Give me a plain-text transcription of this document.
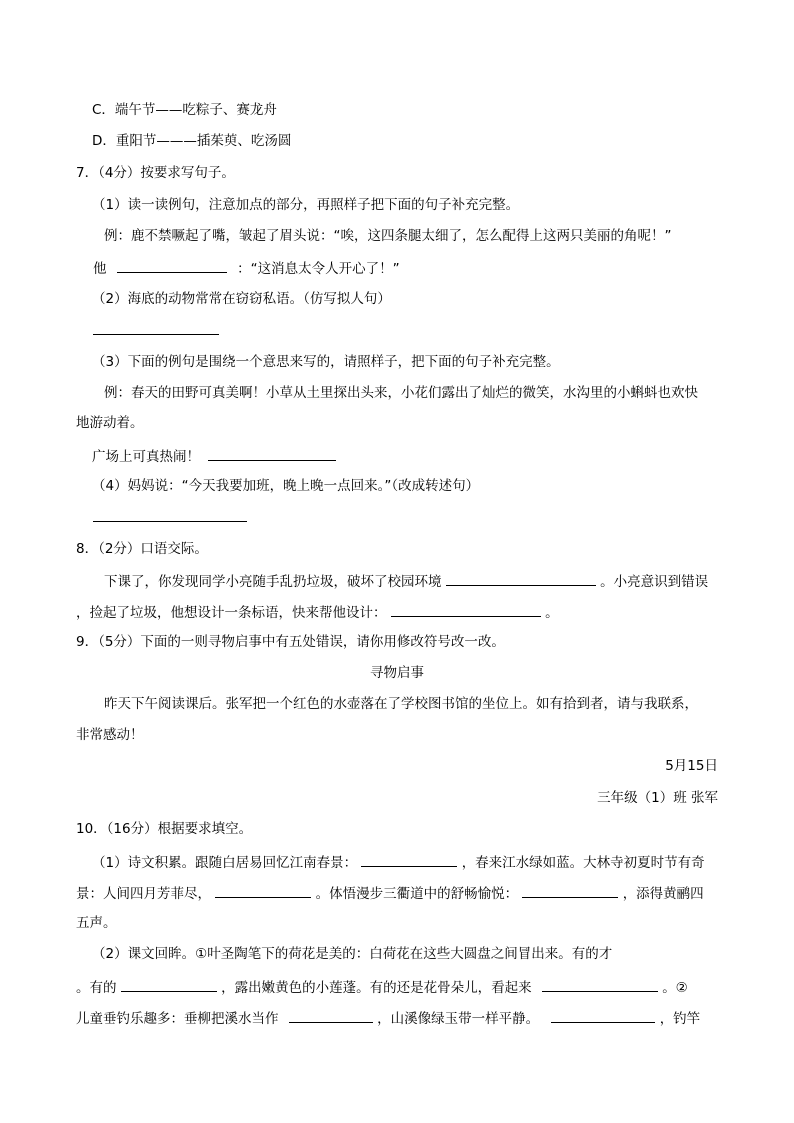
C．端午节——吃粽子、赛龙舟
D．重阳节———插茱萸、吃汤圆
7．（4分）按要求写句子。
（1）读一读例句，注意加点的部分，再照样子把下面的句子补充完整。
例：鹿不禁噘起了嘴，皱起了眉头说：“唉，这四条腿太细了，怎么配得上这两只美丽的角呢！”
他	：“这消息太令人开心了！”
（2）海底的动物常常在窃窃私语。（仿写拟人句）
（3）下面的例句是围绕一个意思来写的，请照样子，把下面的句子补充完整。
例：春天的田野可真美啊！小草从土里探出头来，小花们露出了灿烂的微笑，水沟里的小蝌蚪也欢快
地游动着。
广场上可真热闹！
（4）妈妈说：“今天我要加班，晚上晚一点回来。”（改成转述句）
8．（2分）口语交际。
下课了，你发现同学小亮随手乱扔垃圾，破坏了校园环境	。小亮意识到错误
，捡起了垃圾，他想设计一条标语，快来帮他设计：	。
9．（5分）下面的一则寻物启事中有五处错误，请你用修改符号改一改。
寻物启事
昨天下午阅读课后。张军把一个红色的水壶落在了学校图书馆的坐位上。如有拾到者，请与我联系，
非常感动！
5月15日
三年级（1）班 张军
10．（16分）根据要求填空。
（1）诗文积累。跟随白居易回忆江南春景：	，春来江水绿如蓝。大林寺初夏时节有奇
景：人间四月芳菲尽，	。体悟漫步三衢道中的舒畅愉悦：	，添得黄鹂四
五声。
（2）课文回眸。①叶圣陶笔下的荷花是美的：白荷花在这些大圆盘之间冒出来。有的才
。有的	，露出嫩黄色的小莲蓬。有的还是花骨朵儿，看起来	。②
儿童垂钓乐趣多：垂柳把溪水当作	，山溪像绿玉带一样平静。	，钓竿
